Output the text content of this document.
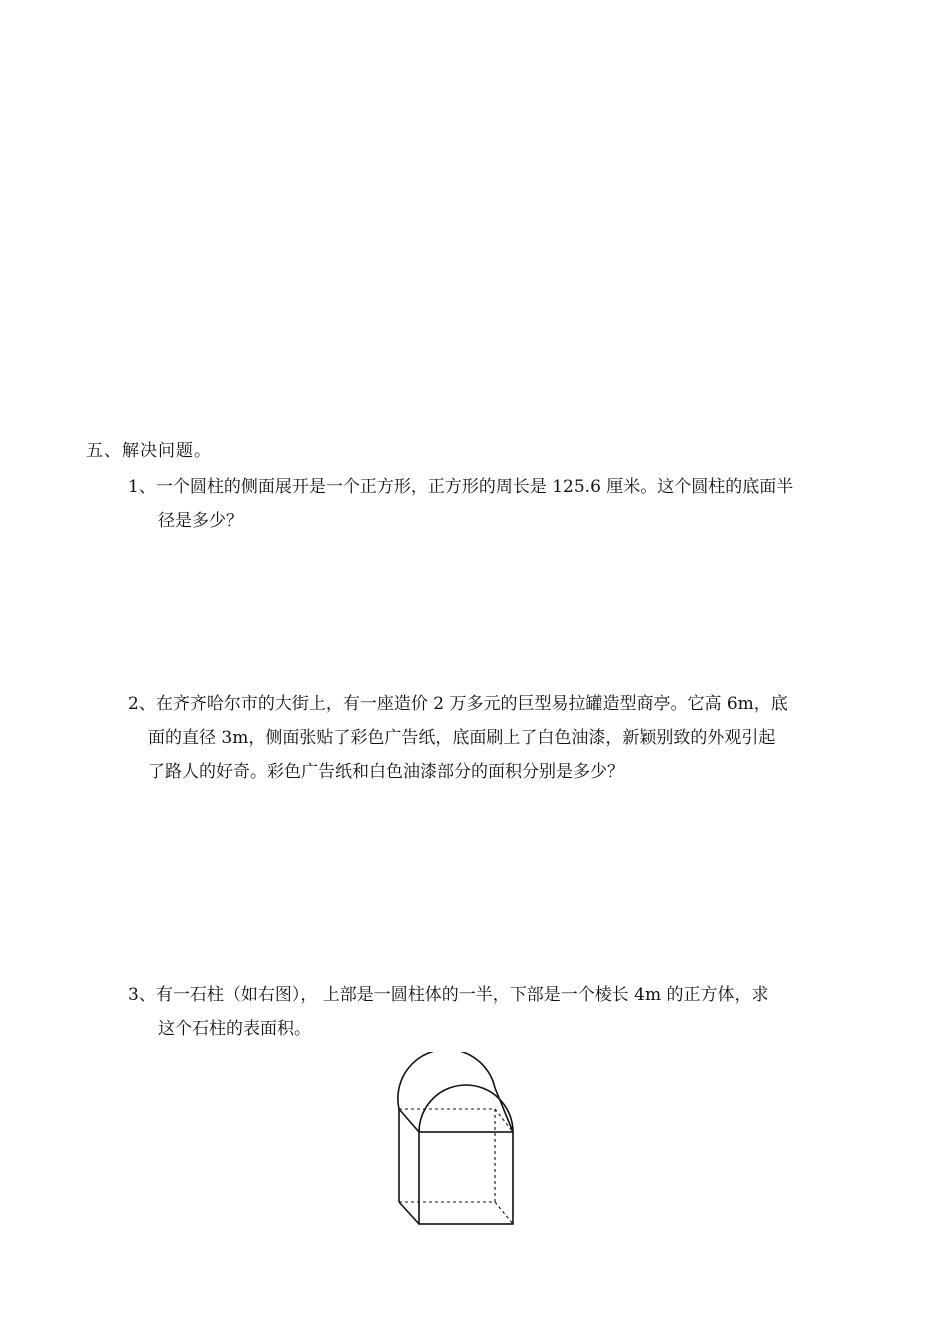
五、解决问题。
1、一个圆柱的侧面展开是一个正方形，正方形的周长是 125.6 厘米。这个圆柱的底面半
径是多少？
2、在齐齐哈尔市的大街上，有一座造价 2 万多元的巨型易拉罐造型商亭。它高 6m，底
面的直径 3m，侧面张贴了彩色广告纸，底面刷上了白色油漆，新颖别致的外观引起
了路人的好奇。彩色广告纸和白色油漆部分的面积分别是多少？
3、有一石柱（如右图）， 上部是一圆柱体的一半，下部是一个棱长 4m 的正方体，求
这个石柱的表面积。
